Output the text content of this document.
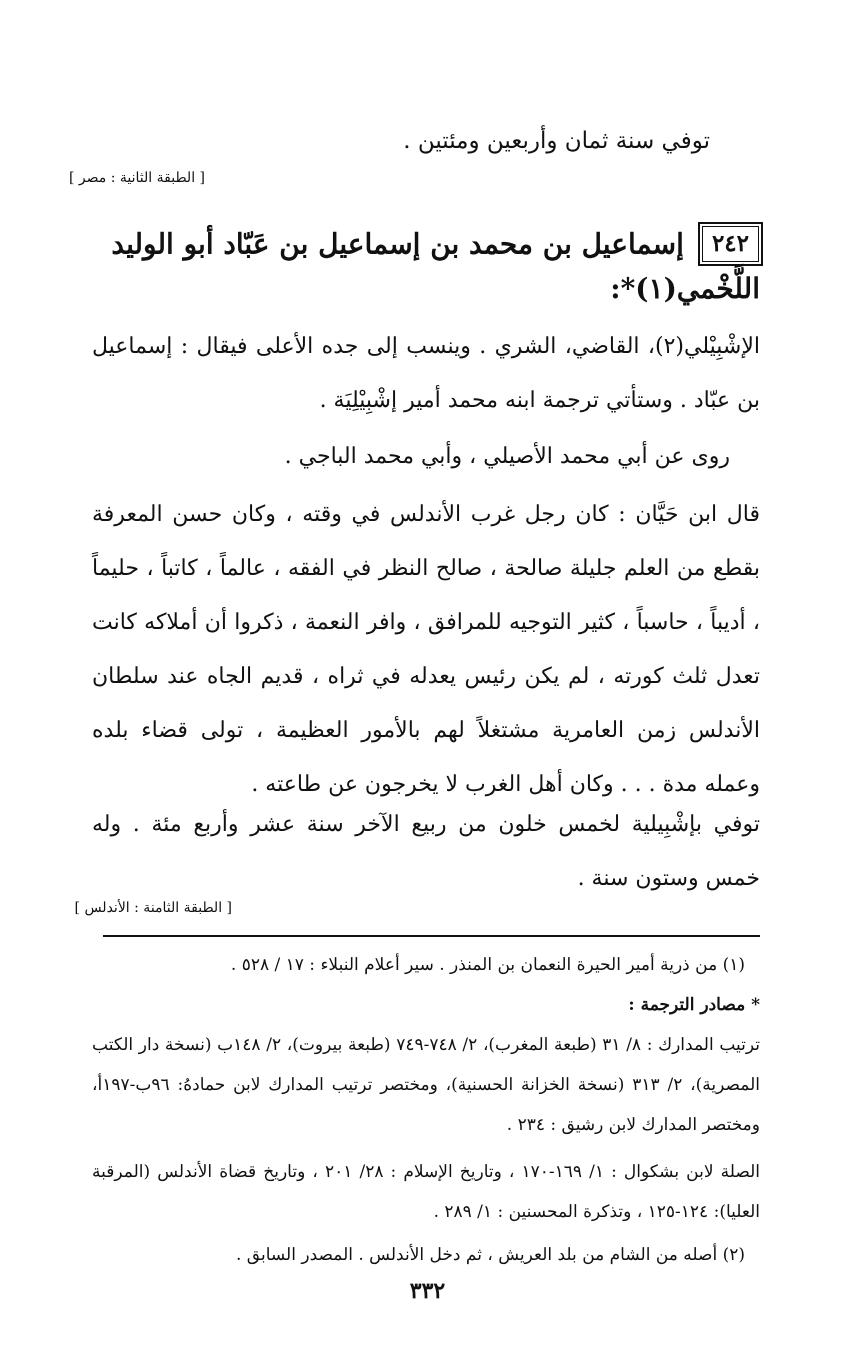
توفي سنة ثمان وأربعين ومئتين .
[ الطبقة الثانية : مصر ]
٢٤٢إسماعيل بن محمد بن إسماعيل بن عَبّاد أبو الوليد
اللَّخْمي(١)*:
الإشْبِيْلي(٢)، القاضي، الشري . وينسب إلى جده الأعلى فيقال : إسماعيل بن عبّاد . وستأتي ترجمة ابنه محمد أمير إشْبِيْلِيَة .
روى عن أبي محمد الأصيلي ، وأبي محمد الباجي .
قال ابن حَيَّان : كان رجل غرب الأندلس في وقته ، وكان حسن المعرفة بقطع من العلم جليلة صالحة ، صالح النظر في الفقه ، عالماً ، كاتباً ، حليماً ، أديباً ، حاسباً ، كثير التوجيه للمرافق ، وافر النعمة ، ذكروا أن أملاكه كانت تعدل ثلث كورته ، لم يكن رئيس يعدله في ثراه ، قديم الجاه عند سلطان الأندلس زمن العامرية مشتغلاً لهم بالأمور العظيمة ، تولى قضاء بلده وعمله مدة . . . وكان أهل الغرب لا يخرجون عن طاعته .
توفي بإشْبِيلية لخمس خلون من ربيع الآخر سنة عشر وأربع مئة . وله خمس وستون سنة .
[ الطبقة الثامنة : الأندلس ]
(١) من ذرية أمير الحيرة النعمان بن المنذر . سير أعلام النبلاء : ١٧ / ٥٢٨ .
* مصادر الترجمة :
ترتيب المدارك : ٨/ ٣١ (طبعة المغرب)، ٢/ ٧٤٨-٧٤٩ (طبعة بيروت)، ٢/ ١٤٨ب (نسخة دار الكتب المصرية)، ٢/ ٣١٣ (نسخة الخزانة الحسنية)، ومختصر ترتيب المدارك لابن حمادهُ: ٩٦ب-١٩٧أ، ومختصر المدارك لابن رشيق : ٢٣٤ .
الصلة لابن بشكوال : ١/ ١٦٩-١٧٠ ، وتاريخ الإسلام : ٢٨/ ٢٠١ ، وتاريخ قضاة الأندلس (المرقبة العليا): ١٢٤-١٢٥ ، وتذكرة المحسنين : ١/ ٢٨٩ .
(٢) أصله من الشام من بلد العريش ، ثم دخل الأندلس . المصدر السابق .
٣٣٢
